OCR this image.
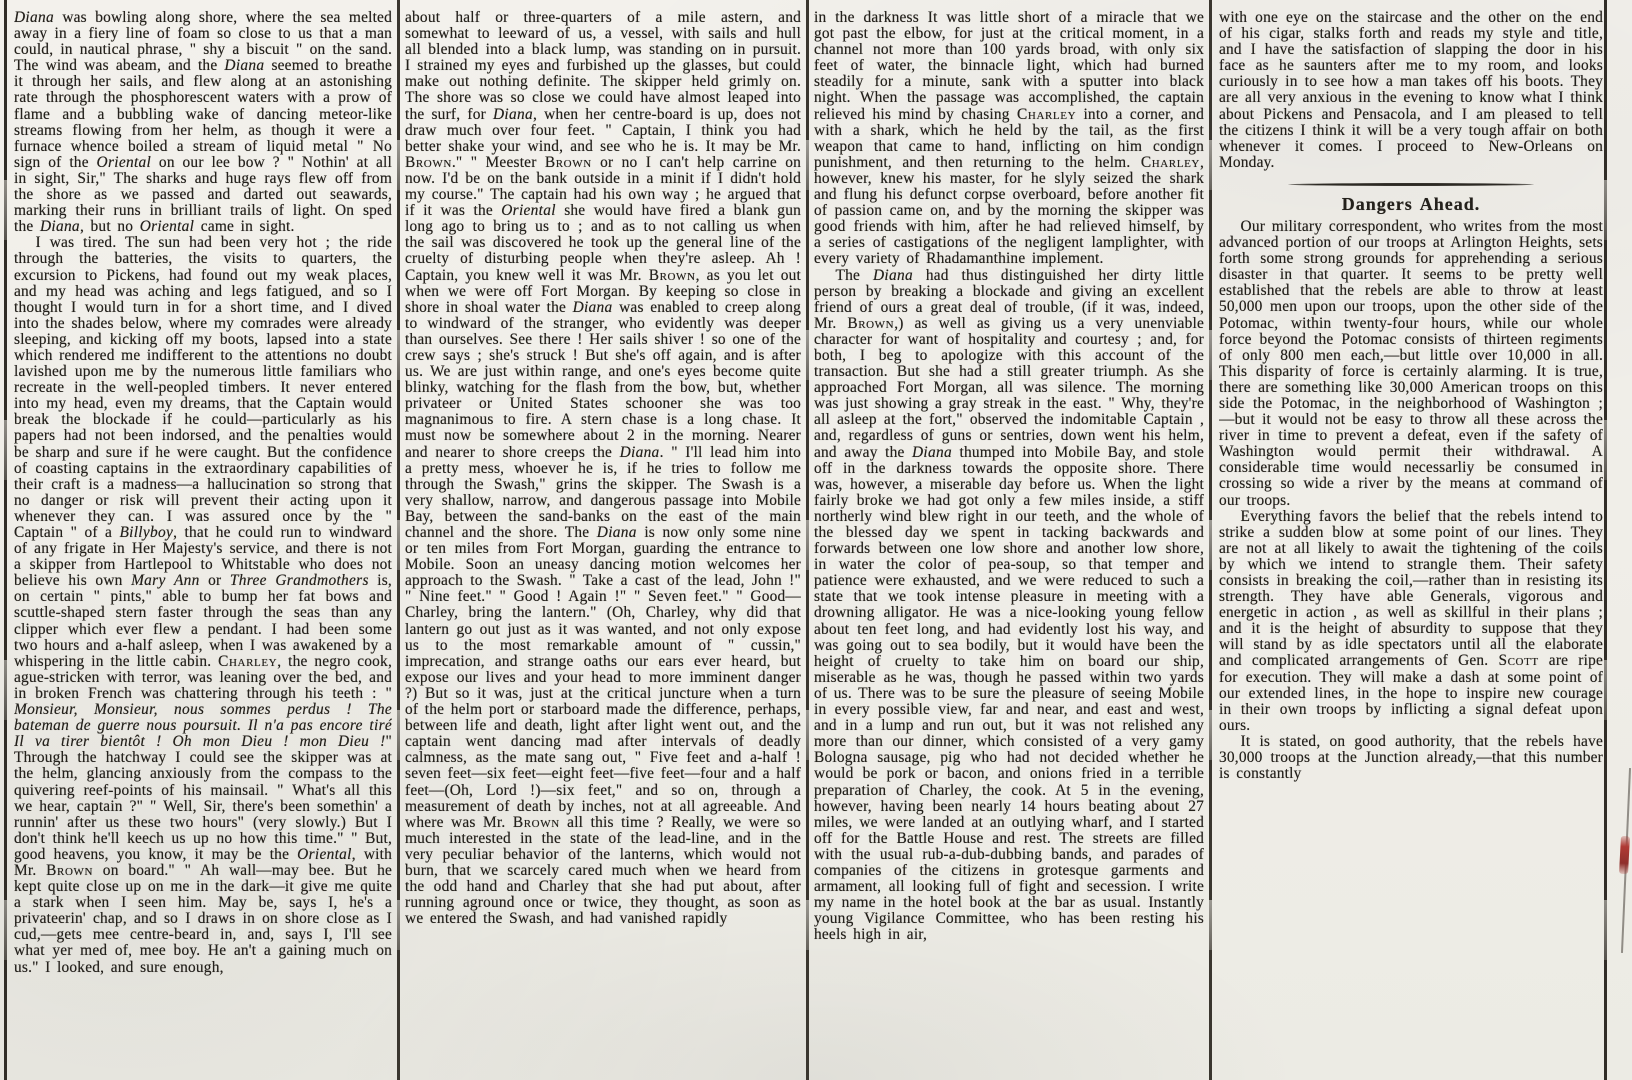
Diana was bowling along shore, where the sea melted away in a fiery line of foam so close to us that a man could, in nautical phrase, " shy a biscuit " on the sand. The wind was abeam, and the Diana seemed to breathe it through her sails, and flew along at an astonishing rate through the phosphorescent waters with a prow of flame and a bubbling wake of dancing meteor-like streams flowing from her helm, as though it were a furnace whence boiled a stream of liquid metal " No sign of the Oriental on our lee bow ? " Nothin' at all in sight, Sir," The sharks and huge rays flew off from the shore as we passed and darted out seawards, marking their runs in brilliant trails of light. On sped the Diana, but no Oriental came in sight.

I was tired. The sun had been very hot ; the ride through the batteries, the visits to quarters, the excursion to Pickens, had found out my weak places, and my head was aching and legs fatigued, and so I thought I would turn in for a short time, and I dived into the shades below, where my comrades were already sleeping, and kicking off my boots, lapsed into a state which rendered me indifferent to the attentions no doubt lavished upon me by the numerous little familiars who recreate in the well-peopled timbers. It never entered into my head, even my dreams, that the Captain would break the blockade if he could—particularly as his papers had not been indorsed, and the penalties would be sharp and sure if he were caught. But the confidence of coasting captains in the extraordinary capabilities of their craft is a madness—a hallucination so strong that no danger or risk will prevent their acting upon it whenever they can. I was assured once by the " Captain " of a Billyboy, that he could run to windward of any frigate in Her Majesty's service, and there is not a skipper from Hartlepool to Whitstable who does not believe his own Mary Ann or Three Grandmothers is, on certain " pints," able to bump her fat bows and scuttle-shaped stern faster through the seas than any clipper which ever flew a pendant. I had been some two hours and a-half asleep, when I was awakened by a whispering in the little cabin. Charley, the negro cook, ague-stricken with terror, was leaning over the bed, and in broken French was chattering through his teeth : " Monsieur, Monsieur, nous sommes perdus ! The bateman de guerre nous poursuit. Il n'a pas encore tiré Il va tirer bientôt ! Oh mon Dieu ! mon Dieu !" Through the hatchway I could see the skipper was at the helm, glancing anxiously from the compass to the quivering reef-points of his mainsail. " What's all this we hear, captain ?" " Well, Sir, there's been somethin' a runnin' after us these two hours" (very slowly.) But I don't think he'll keech us up no how this time." " But, good heavens, you know, it may be the Oriental, with Mr. Brown on board." " Ah wall—may bee. But he kept quite close up on me in the dark—it give me quite a stark when I seen him. May be, says I, he's a privateerin' chap, and so I draws in on shore close as I cud,—gets mee centre-beard in, and, says I, I'll see what yer med of, mee boy. He an't a gaining much on us." I looked, and sure enough,

about half or three-quarters of a mile astern, and somewhat to leeward of us, a vessel, with sails and hull all blended into a black lump, was standing on in pursuit. I strained my eyes and furbished up the glasses, but could make out nothing definite. The skipper held grimly on. The shore was so close we could have almost leaped into the surf, for Diana, when her centre-board is up, does not draw much over four feet. " Captain, I think you had better shake your wind, and see who he is. It may be Mr. Brown." " Meester Brown or no I can't help carrine on now. I'd be on the bank outside in a minit if I didn't hold my course." The captain had his own way ; he argued that if it was the Oriental she would have fired a blank gun long ago to bring us to ; and as to not calling us when the sail was discovered he took up the general line of the cruelty of disturbing people when they're asleep. Ah ! Captain, you knew well it was Mr. Brown, as you let out when we were off Fort Morgan. By keeping so close in shore in shoal water the Diana was enabled to creep along to windward of the stranger, who evidently was deeper than ourselves. See there ! Her sails shiver ! so one of the crew says ; she's struck ! But she's off again, and is after us. We are just within range, and one's eyes become quite blinky, watching for the flash from the bow, but, whether privateer or United States schooner she was too magnanimous to fire. A stern chase is a long chase. It must now be somewhere about 2 in the morning. Nearer and nearer to shore creeps the Diana. " I'll lead him into a pretty mess, whoever he is, if he tries to follow me through the Swash," grins the skipper. The Swash is a very shallow, narrow, and dangerous passage into Mobile Bay, between the sand-banks on the east of the main channel and the shore. The Diana is now only some nine or ten miles from Fort Morgan, guarding the entrance to Mobile. Soon an uneasy dancing motion welcomes her approach to the Swash. " Take a cast of the lead, John !" " Nine feet." " Good ! Again !" " Seven feet." " Good—Charley, bring the lantern." (Oh, Charley, why did that lantern go out just as it was wanted, and not only expose us to the most remarkable amount of " cussin," imprecation, and strange oaths our ears ever heard, but expose our lives and your head to more imminent danger ?) But so it was, just at the critical juncture when a turn of the helm port or starboard made the difference, perhaps, between life and death, light after light went out, and the captain went dancing mad after intervals of deadly calmness, as the mate sang out, " Five feet and a-half ! seven feet—six feet—eight feet—five feet—four and a half feet—(Oh, Lord !)—six feet," and so on, through a measurement of death by inches, not at all agreeable. And where was Mr. Brown all this time ? Really, we were so much interested in the state of the lead-line, and in the very peculiar behavior of the lanterns, which would not burn, that we scarcely cared much when we heard from the odd hand and Charley that she had put about, after running aground once or twice, they thought, as soon as we entered the Swash, and had vanished rapidly

in the darkness It was little short of a miracle that we got past the elbow, for just at the critical moment, in a channel not more than 100 yards broad, with only six feet of water, the binnacle light, which had burned steadily for a minute, sank with a sputter into black night. When the passage was accomplished, the captain relieved his mind by chasing Charley into a corner, and with a shark, which he held by the tail, as the first weapon that came to hand, inflicting on him condign punishment, and then returning to the helm. Charley, however, knew his master, for he slyly seized the shark and flung his defunct corpse overboard, before another fit of passion came on, and by the morning the skipper was good friends with him, after he had relieved himself, by a series of castigations of the negligent lamplighter, with every variety of Rhadamanthine implement.

The Diana had thus distinguished her dirty little person by breaking a blockade and giving an excellent friend of ours a great deal of trouble, (if it was, indeed, Mr. Brown,) as well as giving us a very unenviable character for want of hospitality and courtesy ; and, for both, I beg to apologize with this account of the transaction. But she had a still greater triumph. As she approached Fort Morgan, all was silence. The morning was just showing a gray streak in the east. " Why, they're all asleep at the fort," observed the indomitable Captain , and, regardless of guns or sentries, down went his helm, and away the Diana thumped into Mobile Bay, and stole off in the darkness towards the opposite shore. There was, however, a miserable day before us. When the light fairly broke we had got only a few miles inside, a stiff northerly wind blew right in our teeth, and the whole of the blessed day we spent in tacking backwards and forwards between one low shore and another low shore, in water the color of pea-soup, so that temper and patience were exhausted, and we were reduced to such a state that we took intense pleasure in meeting with a drowning alligator. He was a nice-looking young fellow about ten feet long, and had evidently lost his way, and was going out to sea bodily, but it would have been the height of cruelty to take him on board our ship, miserable as he was, though he passed within two yards of us. There was to be sure the pleasure of seeing Mobile in every possible view, far and near, and east and west, and in a lump and run out, but it was not relished any more than our dinner, which consisted of a very gamy Bologna sausage, pig who had not decided whether he would be pork or bacon, and onions fried in a terrible preparation of Charley, the cook. At 5 in the evening, however, having been nearly 14 hours beating about 27 miles, we were landed at an outlying wharf, and I started off for the Battle House and rest. The streets are filled with the usual rub-a-dub-dubbing bands, and parades of companies of the citizens in grotesque garments and armament, all looking full of fight and secession. I write my name in the hotel book at the bar as usual. Instantly young Vigilance Committee, who has been resting his heels high in air,

with one eye on the staircase and the other on the end of his cigar, stalks forth and reads my style and title, and I have the satisfaction of slapping the door in his face as he saunters after me to my room, and looks curiously in to see how a man takes off his boots. They are all very anxious in the evening to know what I think about Pickens and Pensacola, and I am pleased to tell the citizens I think it will be a very tough affair on both whenever it comes. I proceed to New-Orleans on Monday.

Dangers Ahead.

Our military correspondent, who writes from the most advanced portion of our troops at Arlington Heights, sets forth some strong grounds for apprehending a serious disaster in that quarter. It seems to be pretty well established that the rebels are able to throw at least 50,000 men upon our troops, upon the other side of the Potomac, within twenty-four hours, while our whole force beyond the Potomac consists of thirteen regiments of only 800 men each,—but little over 10,000 in all. This disparity of force is certainly alarming. It is true, there are something like 30,000 American troops on this side the Potomac, in the neighborhood of Washington ;—but it would not be easy to throw all these across the river in time to prevent a defeat, even if the safety of Washington would permit their withdrawal. A considerable time would necessarliy be consumed in crossing so wide a river by the means at command of our troops.

Everything favors the belief that the rebels intend to strike a sudden blow at some point of our lines. They are not at all likely to await the tightening of the coils by which we intend to strangle them. Their safety consists in breaking the coil,—rather than in resisting its strength. They have able Generals, vigorous and energetic in action , as well as skillful in their plans ; and it is the height of absurdity to suppose that they will stand by as idle spectators until all the elaborate and complicated arrangements of Gen. Scott are ripe for execution. They will make a dash at some point of our extended lines, in the hope to inspire new courage in their own troops by inflicting a signal defeat upon ours.

It is stated, on good authority, that the rebels have 30,000 troops at the Junction already,—that this number is constantly
